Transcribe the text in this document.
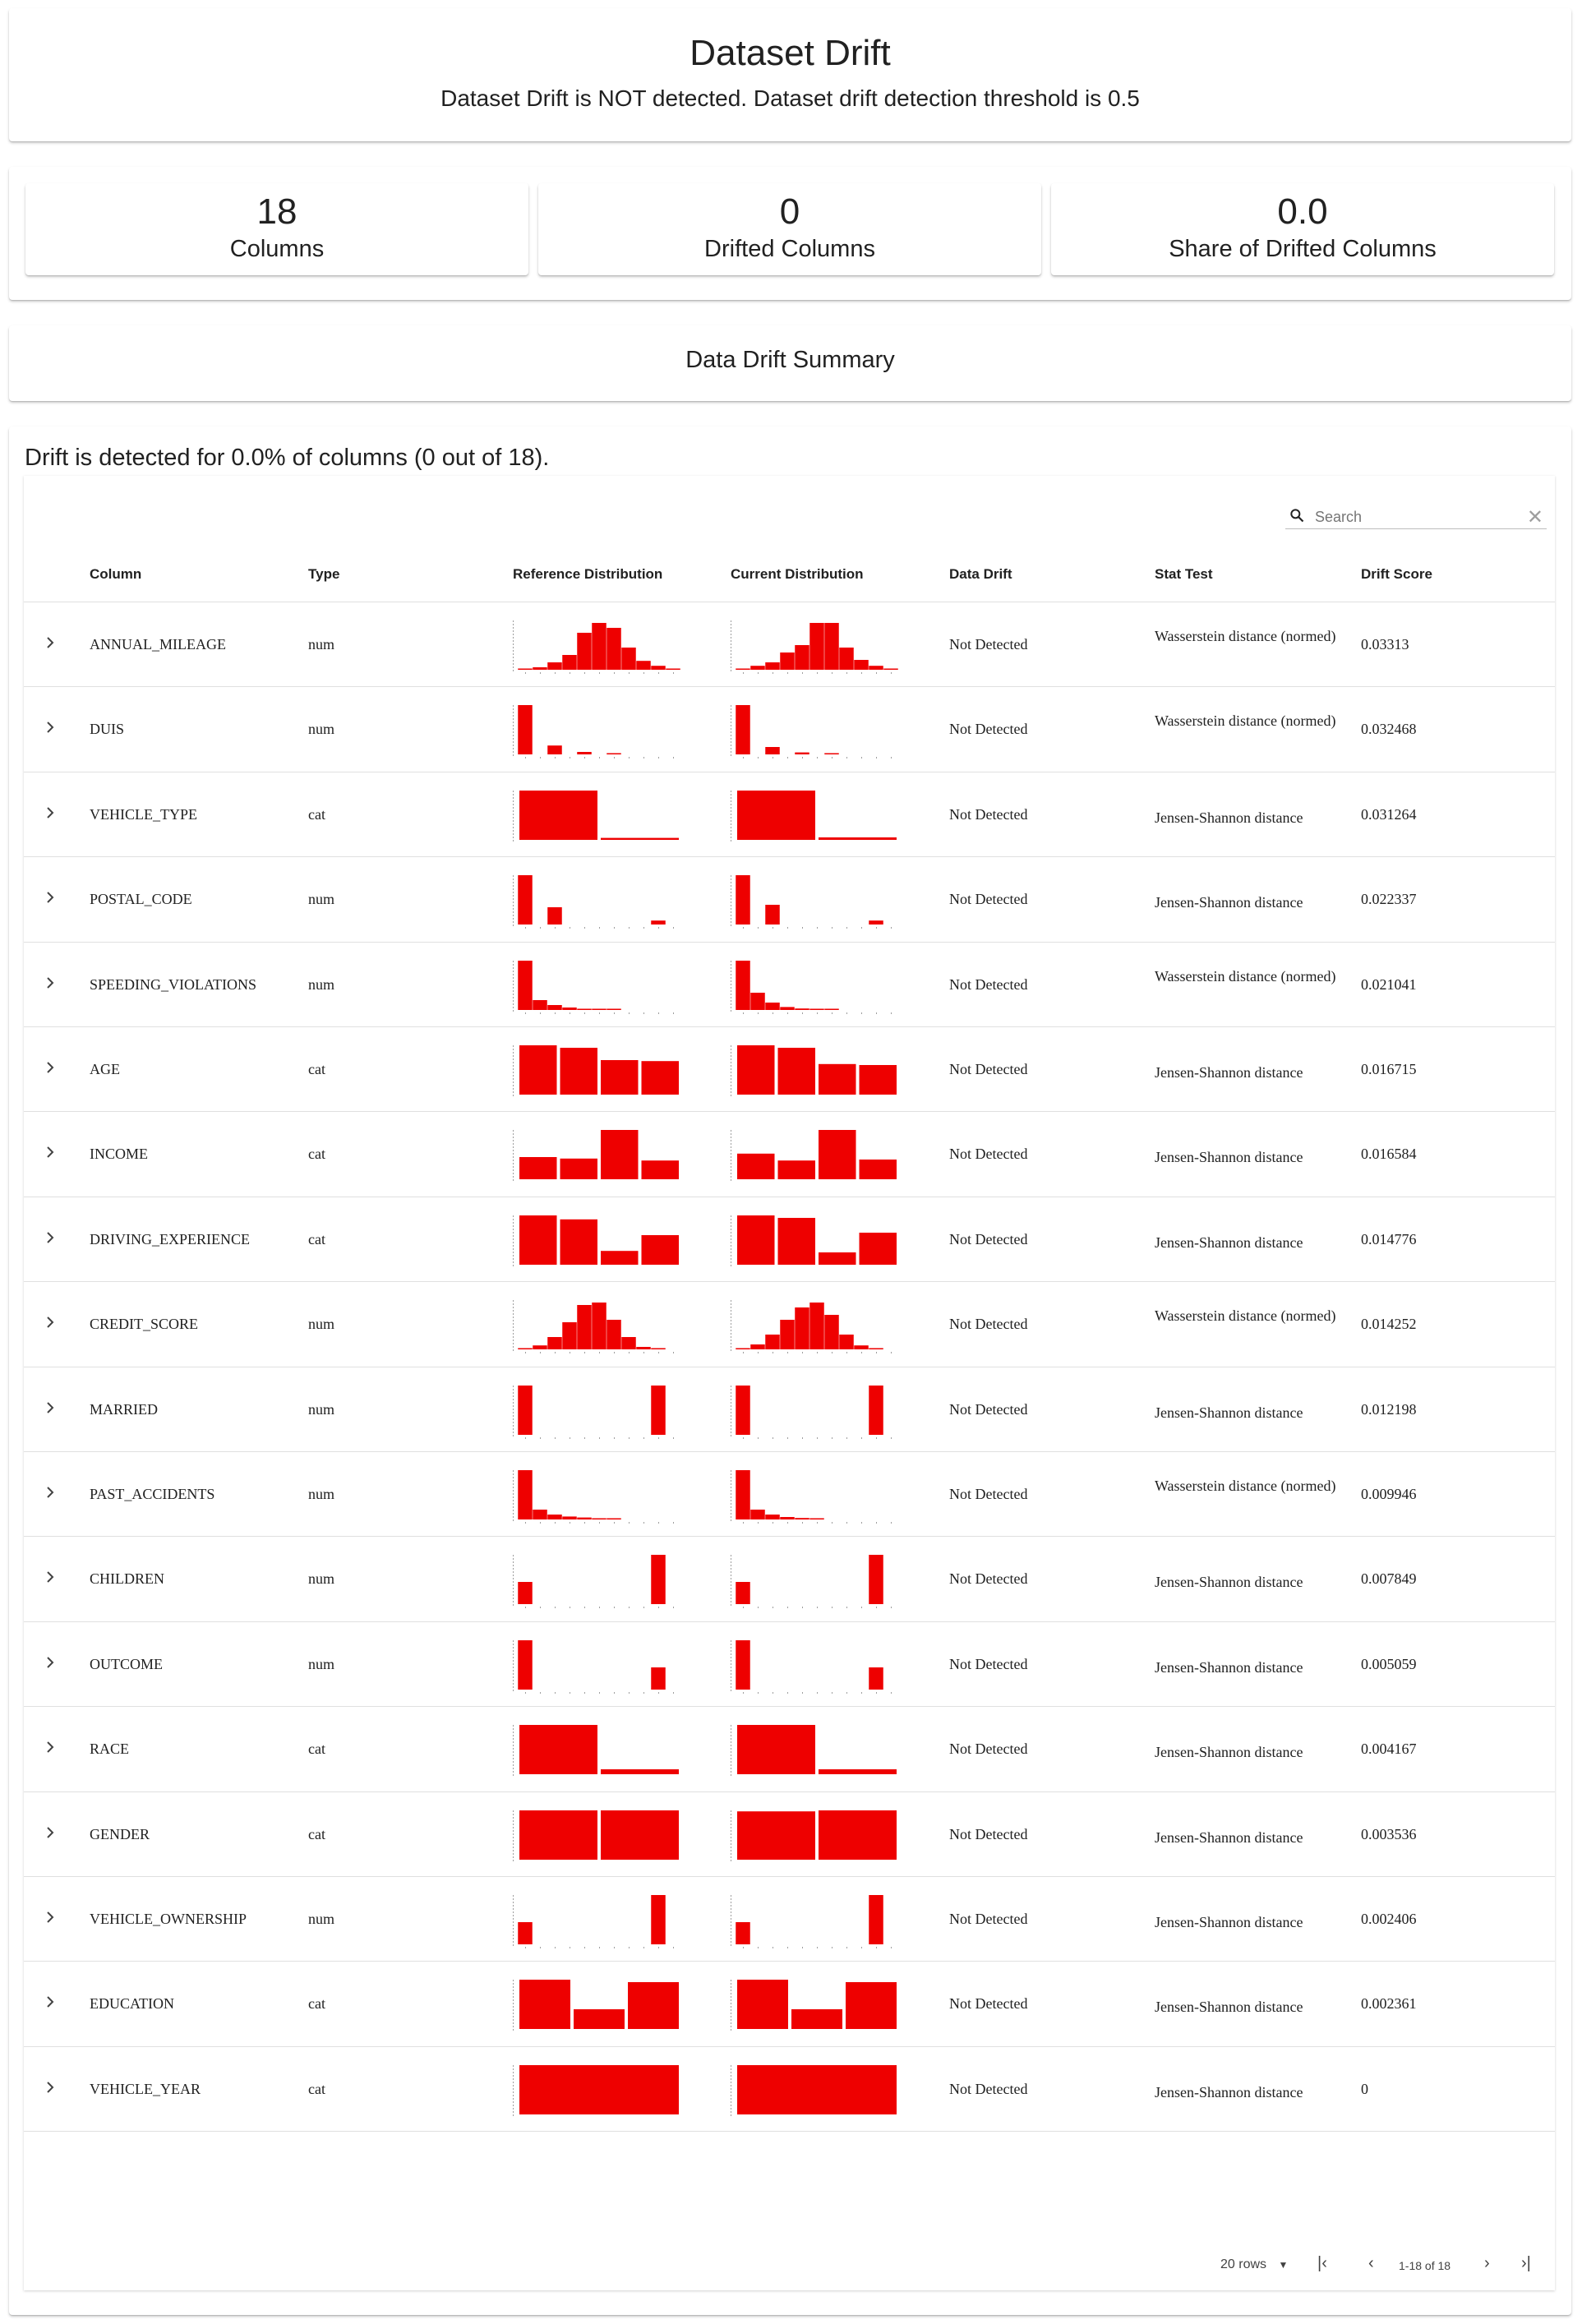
Dataset Drift
Dataset Drift is NOT detected. Dataset drift detection threshold is 0.5
18
Columns
0
Drifted Columns
0.0
Share of Drifted Columns
Data Drift Summary
Drift is detected for 0.0% of columns (0 out of 18).
Search
✕
Column	Type	Reference Distribution	Current Distribution	Data Drift	Stat Test	Drift Score
ANNUAL_MILEAGE	num	Not Detected	Wasserstein distance (normed)	0.03313
DUIS	num	Not Detected	Wasserstein distance (normed)	0.032468
VEHICLE_TYPE	cat	Not Detected	Jensen-Shannon distance	0.031264
POSTAL_CODE	num	Not Detected	Jensen-Shannon distance	0.022337
SPEEDING_VIOLATIONS	num	Not Detected	Wasserstein distance (normed)	0.021041
AGE	cat	Not Detected	Jensen-Shannon distance	0.016715
INCOME	cat	Not Detected	Jensen-Shannon distance	0.016584
DRIVING_EXPERIENCE	cat	Not Detected	Jensen-Shannon distance	0.014776
CREDIT_SCORE	num	Not Detected	Wasserstein distance (normed)	0.014252
MARRIED	num	Not Detected	Jensen-Shannon distance	0.012198
PAST_ACCIDENTS	num	Not Detected	Wasserstein distance (normed)	0.009946
CHILDREN	num	Not Detected	Jensen-Shannon distance	0.007849
OUTCOME	num	Not Detected	Jensen-Shannon distance	0.005059
RACE	cat	Not Detected	Jensen-Shannon distance	0.004167
GENDER	cat	Not Detected	Jensen-Shannon distance	0.003536
VEHICLE_OWNERSHIP	num	Not Detected	Jensen-Shannon distance	0.002406
EDUCATION	cat	Not Detected	Jensen-Shannon distance	0.002361
VEHICLE_YEAR	cat	Not Detected	Jensen-Shannon distance	0
20 rows ▼ |‹	‹ 1-18 of 18 › ›|
